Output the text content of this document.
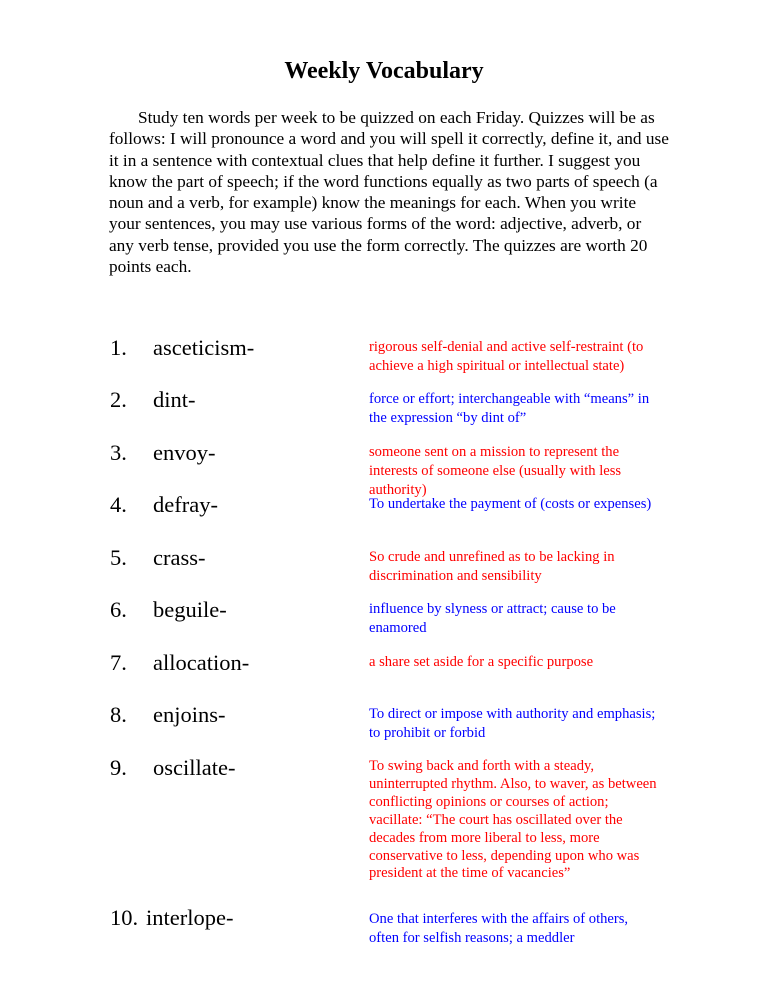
Weekly Vocabulary

Study ten words per week to be quizzed on each Friday. Quizzes will be as follows: I will pronounce a word and you will spell it correctly, define it, and use it in a sentence with contextual clues that help define it further. I suggest you know the part of speech; if the word functions equally as two parts of speech (a noun and a verb, for example) know the meanings for each. When you write your sentences, you may use various forms of the word: adjective, adverb, or any verb tense, provided you use the form correctly. The quizzes are worth 20 points each.

1. asceticism-	rigorous self-denial and active self-restraint (to achieve a high spiritual or intellectual state)
2. dint-	force or effort; interchangeable with “means” in the expression “by dint of”
3. envoy-	someone sent on a mission to represent the interests of someone else (usually with less authority)
4. defray-	To undertake the payment of (costs or expenses)
5. crass-	So crude and unrefined as to be lacking in discrimination and sensibility
6. beguile-	influence by slyness or attract; cause to be enamored
7. allocation-	a share set aside for a specific purpose
8. enjoins-	To direct or impose with authority and emphasis; to prohibit or forbid
9. oscillate-	To swing back and forth with a steady, uninterrupted rhythm. Also, to waver, as between conflicting opinions or courses of action; vacillate: “The court has oscillated over the decades from more liberal to less, more conservative to less, depending upon who was president at the time of vacancies”
10. interlope-	One that interferes with the affairs of others, often for selfish reasons; a meddler
